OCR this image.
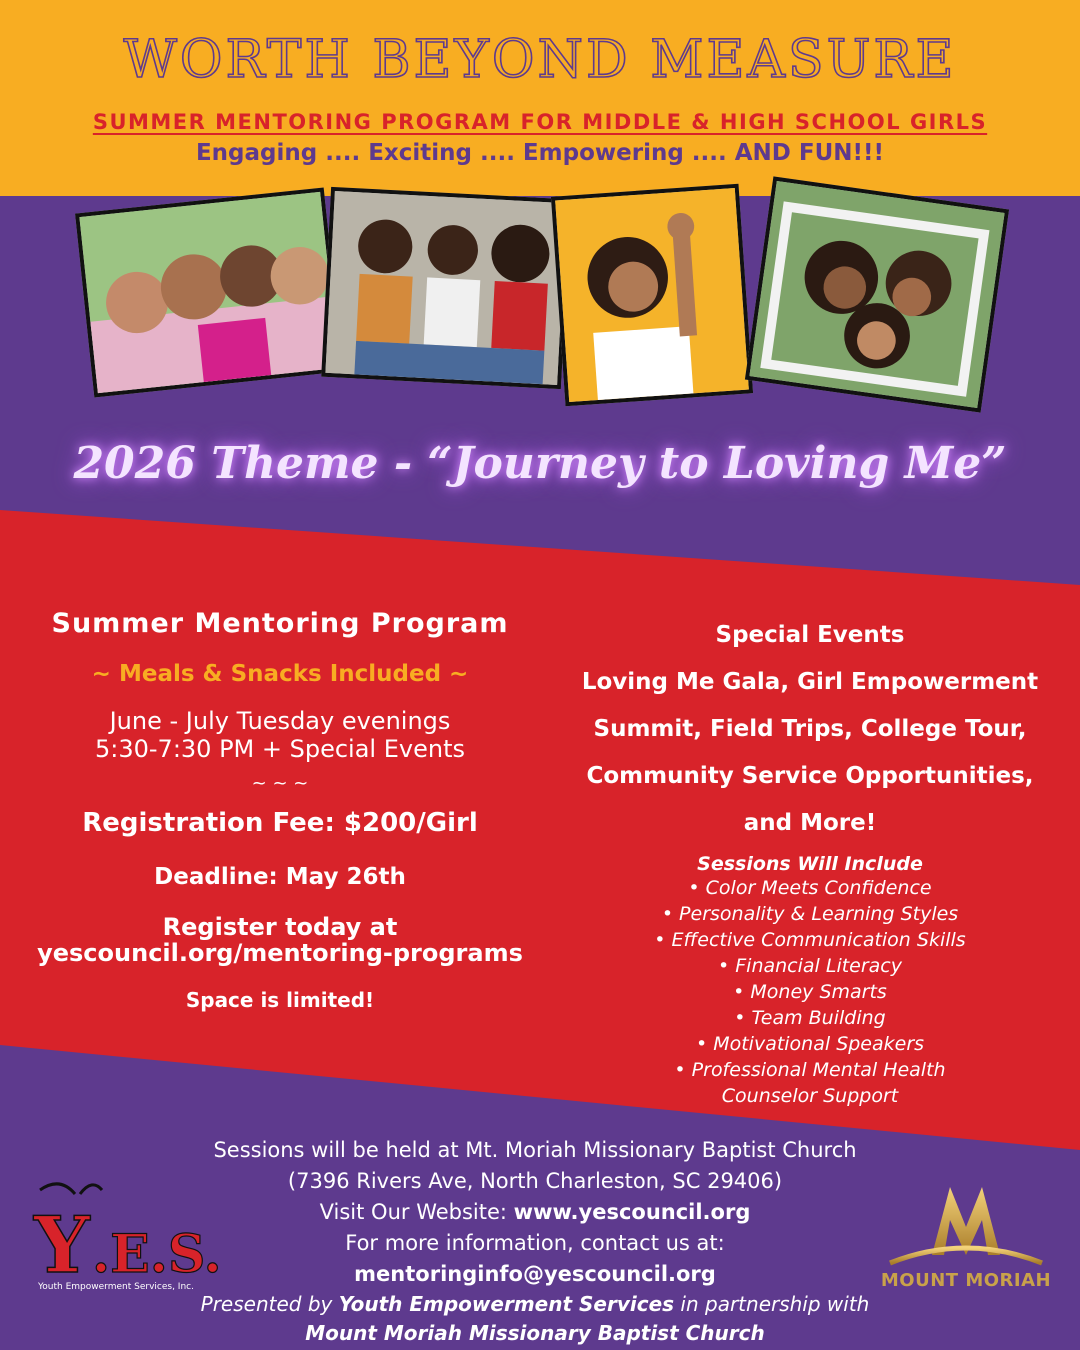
WORTH BEYOND MEASURE
SUMMER MENTORING PROGRAM FOR MIDDLE & HIGH SCHOOL GIRLS
Engaging .... Exciting .... Empowering .... AND FUN!!!
2026 Theme - “Journey to Loving Me”
Summer Mentoring Program
~ Meals & Snacks Included ~
June - July Tuesday evenings
5:30-7:30 PM + Special Events
~ ~ ~
Registration Fee: $200/Girl
Deadline: May 26th
Register today at
yescouncil.org/mentoring-programs
Space is limited!
Special Events
Loving Me Gala, Girl Empowerment
Summit, Field Trips, College Tour,
Community Service Opportunities,
and More!
Sessions Will Include
• Color Meets Confidence
• Personality & Learning Styles
• Effective Communication Skills
• Financial Literacy
• Money Smarts
• Team Building
• Motivational Speakers
• Professional Mental Health
Counselor Support
Sessions will be held at Mt. Moriah Missionary Baptist Church
(7396 Rivers Ave, North Charleston, SC 29406)
Visit Our Website: www.yescouncil.org
For more information, contact us at: mentoringinfo@yescouncil.org
Presented by Youth Empowerment Services in partnership with
Mount Moriah Missionary Baptist Church
Y .E.S.
Youth Empowerment Services, Inc.	MOUNT MORIAH
